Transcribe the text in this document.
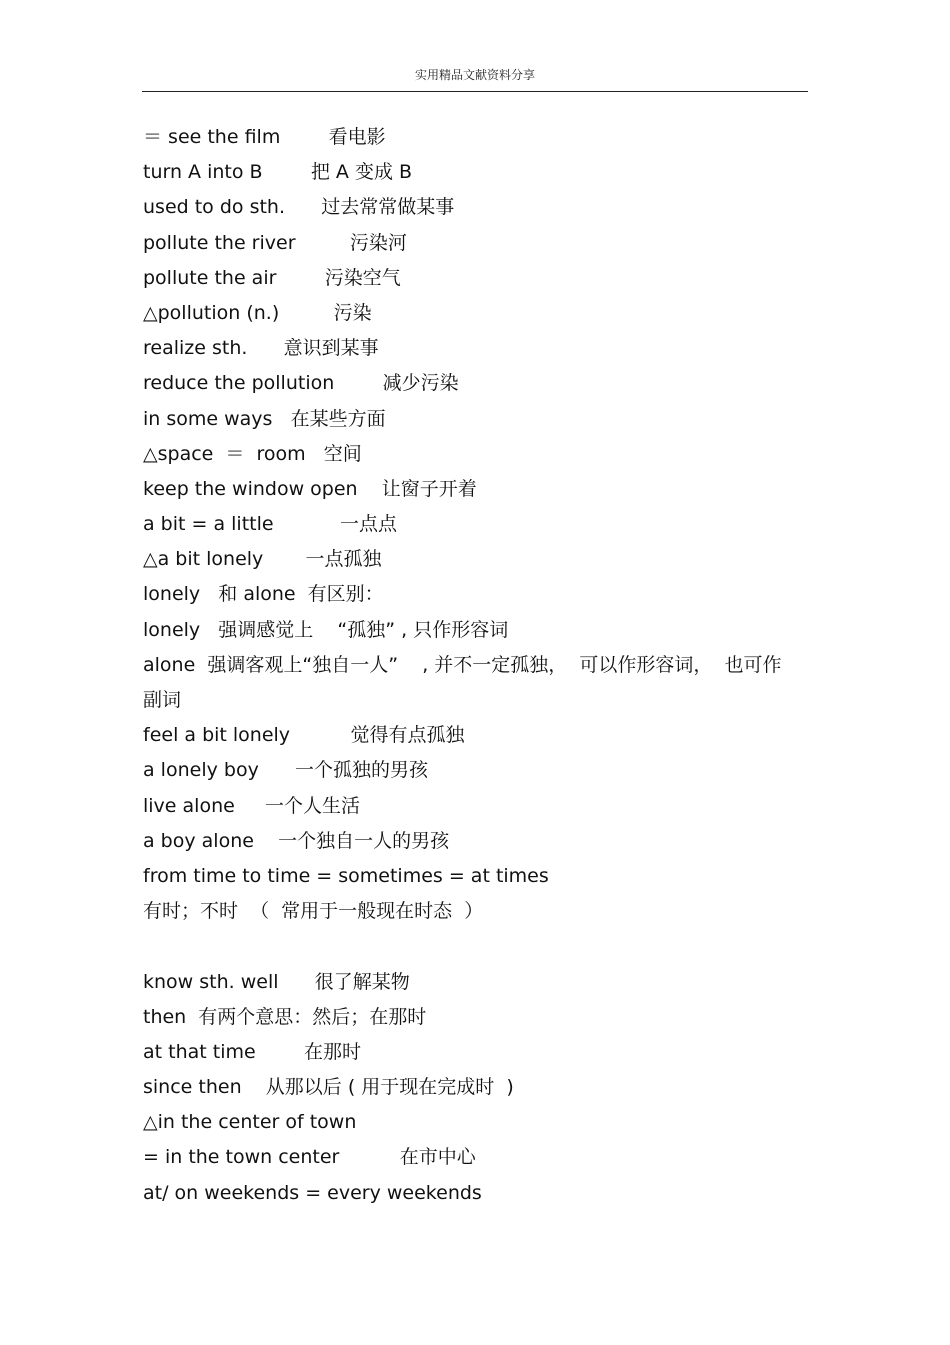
实用精品文献资料分享
＝ see the film        看电影
turn A into B        把 A 变成 B
used to do sth.      过去常常做某事
pollute the river         污染河
pollute the air        污染空气
△pollution (n.)         污染
realize sth.      意识到某事
reduce the pollution        减少污染
in some ways   在某些方面
△space  ＝  room   空间
keep the window open    让窗子开着
a bit = a little           一点点
△a bit lonely       一点孤独
lonely   和 alone  有区别：
lonely   强调感觉上    “孤独” , 只作形容词
alone  强调客观上“独自一人”    , 并不一定孤独，  可以作形容词，  也可作副词
feel a bit lonely          觉得有点孤独
a lonely boy      一个孤独的男孩
live alone     一个人生活
a boy alone    一个独自一人的男孩
from time to time = sometimes = at times
有时；不时  （  常用于一般现在时态  ）
know sth. well      很了解某物
then  有两个意思：然后；在那时
at that time        在那时
since then    从那以后 ( 用于现在完成时  )
△in the center of town
= in the town center          在市中心
at/ on weekends = every weekends
